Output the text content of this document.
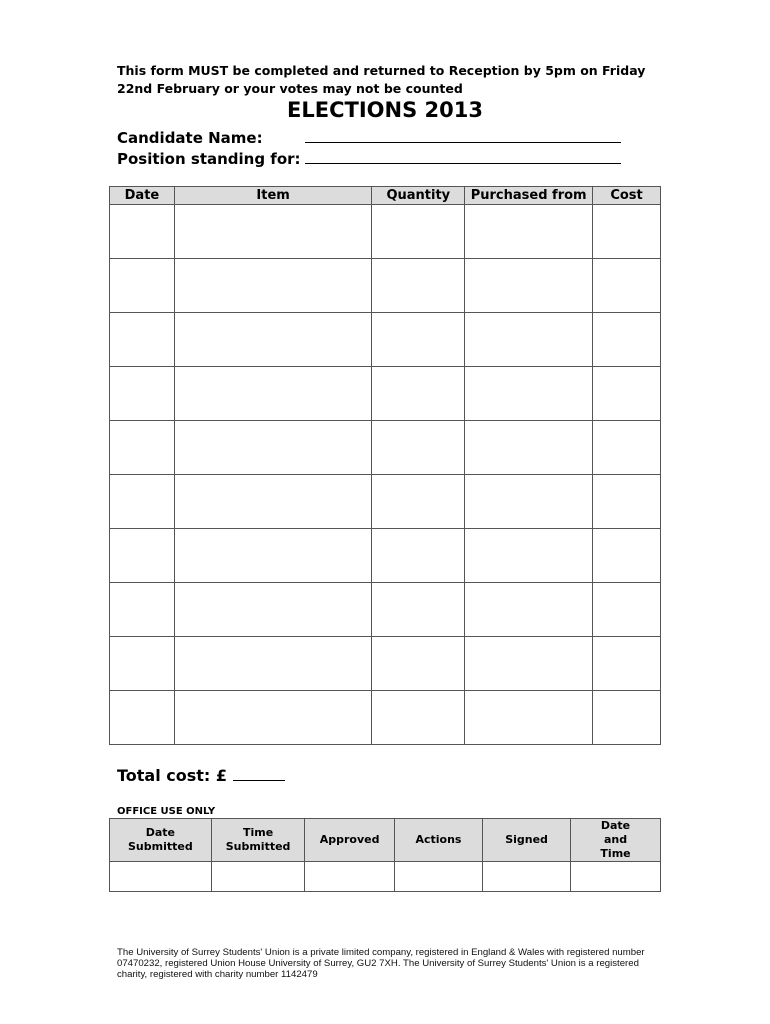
This form MUST be completed and returned to Reception by 5pm on Friday 22nd February or your votes may not be counted
ELECTIONS 2013
Candidate Name:
Position standing for:
Date	Item	Quantity	Purchased from	Cost

Total cost: £
OFFICE USE ONLY
Date Submitted	Time Submitted	Approved	Actions	Signed	Date and Time

The University of Surrey Students' Union is a private limited company, registered in England & Wales with registered number 07470232, registered Union House University of Surrey, GU2 7XH. The University of Surrey Students' Union is a registered charity, registered with charity number 1142479
